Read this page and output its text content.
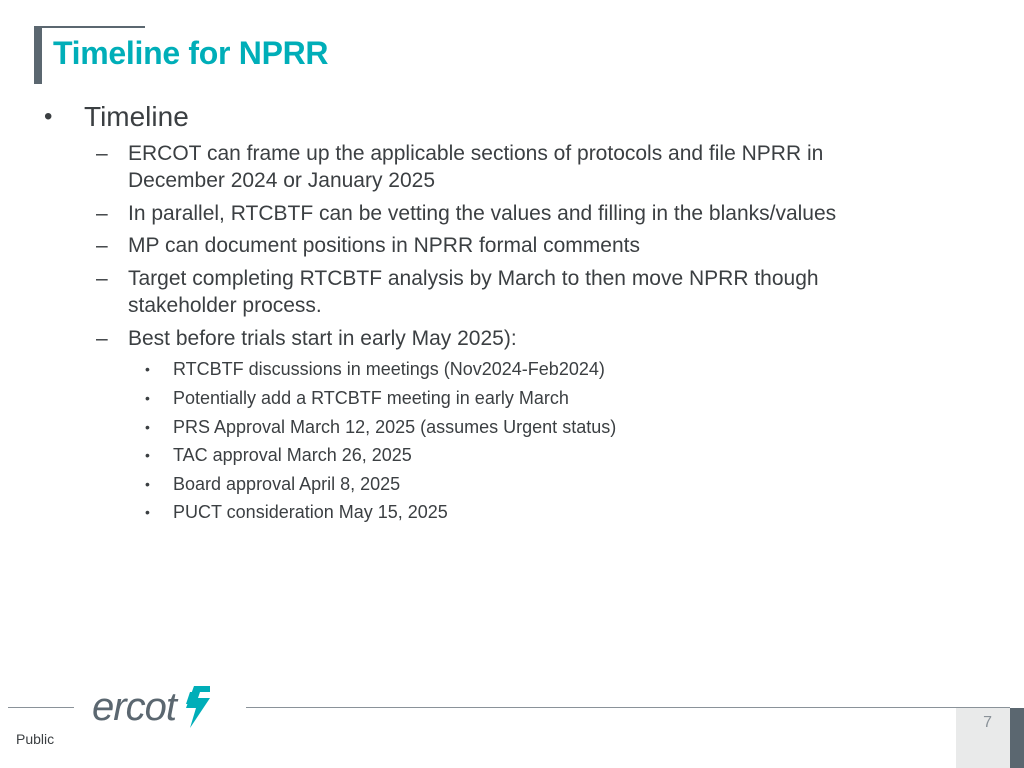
Timeline for NPRR
• Timeline
– ERCOT can frame up the applicable sections of protocols and file NPRR in December 2024 or January 2025
– In parallel, RTCBTF can be vetting the values and filling in the blanks/values
– MP can document positions in NPRR formal comments
– Target completing RTCBTF analysis by March to then move NPRR though stakeholder process.
– Best before trials start in early May 2025):
• RTCBTF discussions in meetings (Nov2024-Feb2024)
• Potentially add a RTCBTF meeting in early March
• PRS Approval March 12, 2025 (assumes Urgent status)
• TAC approval March 26, 2025
• Board approval April 8, 2025
• PUCT consideration May 15, 2025
ercot	7
Public
